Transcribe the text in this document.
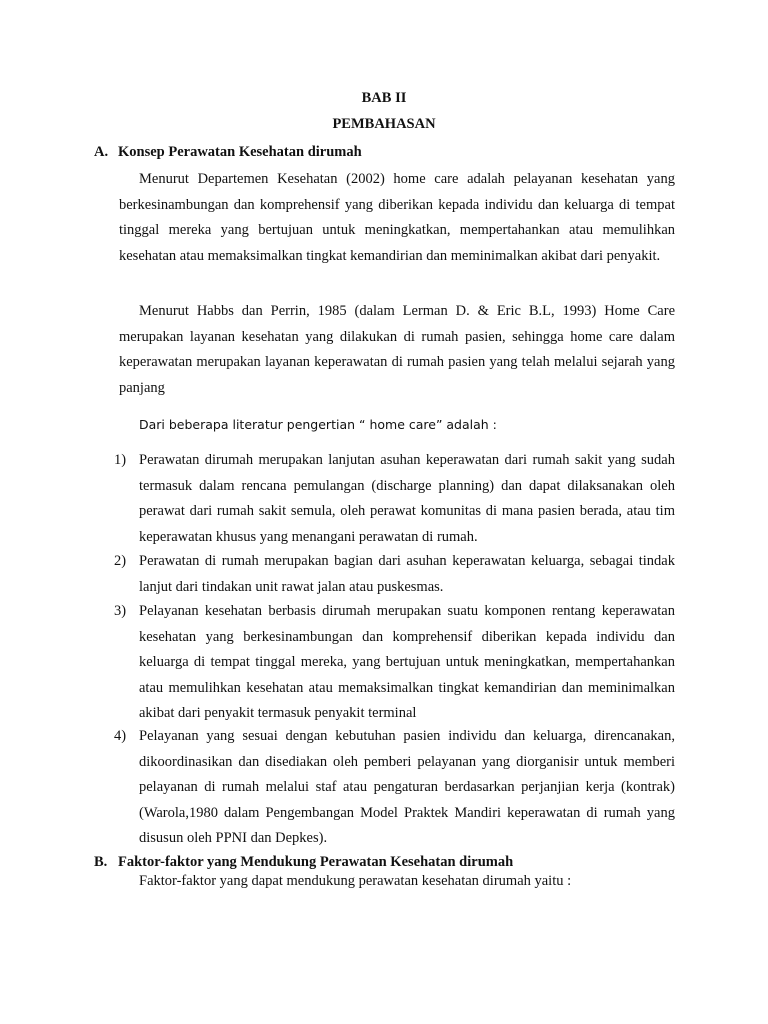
BAB II
PEMBAHASAN
A. Konsep Perawatan Kesehatan dirumah
Menurut Departemen Kesehatan (2002) home care adalah pelayanan kesehatan yang berkesinambungan dan komprehensif yang diberikan kepada individu dan keluarga di tempat tinggal mereka yang bertujuan untuk meningkatkan, mempertahankan atau memulihkan kesehatan atau memaksimalkan tingkat kemandirian dan meminimalkan akibat dari penyakit.
Menurut Habbs dan Perrin, 1985 (dalam Lerman D. & Eric B.L, 1993) Home Care merupakan layanan kesehatan yang dilakukan di rumah pasien, sehingga home care dalam keperawatan merupakan layanan keperawatan di rumah pasien yang telah melalui sejarah yang panjang
Dari beberapa literatur pengertian “ home care” adalah :
1) Perawatan dirumah merupakan lanjutan asuhan keperawatan dari rumah sakit yang sudah termasuk dalam rencana pemulangan (discharge planning) dan dapat dilaksanakan oleh perawat dari rumah sakit semula, oleh perawat komunitas di mana pasien berada, atau tim keperawatan khusus yang menangani perawatan di rumah.
2) Perawatan di rumah merupakan bagian dari asuhan keperawatan keluarga, sebagai tindak lanjut dari tindakan unit rawat jalan atau puskesmas.
3) Pelayanan kesehatan berbasis dirumah merupakan suatu komponen rentang keperawatan kesehatan yang berkesinambungan dan komprehensif diberikan kepada individu dan keluarga di tempat tinggal mereka, yang bertujuan untuk meningkatkan, mempertahankan atau memulihkan kesehatan atau memaksimalkan tingkat kemandirian dan meminimalkan akibat dari penyakit termasuk penyakit terminal
4) Pelayanan yang sesuai dengan kebutuhan pasien individu dan keluarga, direncanakan, dikoordinasikan dan disediakan oleh pemberi pelayanan yang diorganisir untuk memberi pelayanan di rumah melalui staf atau pengaturan berdasarkan perjanjian kerja (kontrak) (Warola,1980 dalam Pengembangan Model Praktek Mandiri keperawatan di rumah yang disusun oleh PPNI dan Depkes).
B. Faktor-faktor yang Mendukung Perawatan Kesehatan dirumah
Faktor-faktor yang dapat mendukung perawatan kesehatan dirumah yaitu :
